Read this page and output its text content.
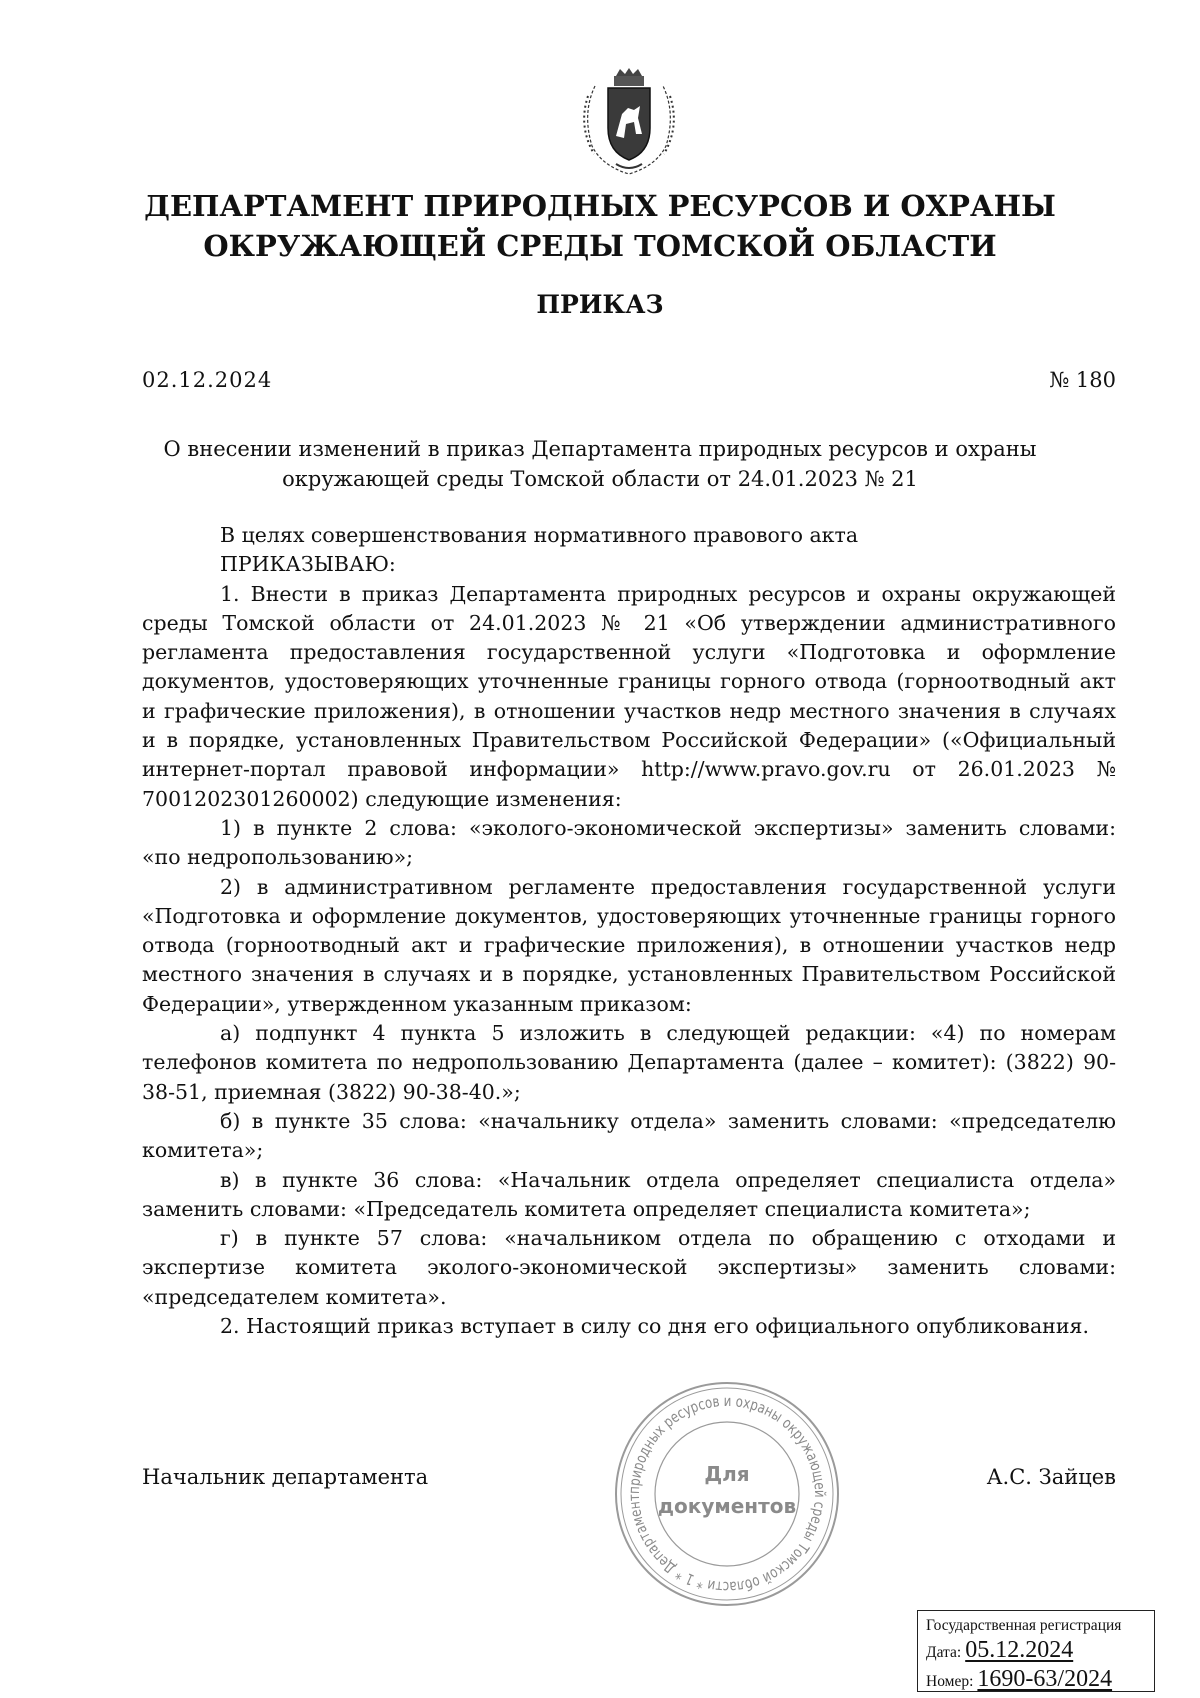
ДЕПАРТАМЕНТ ПРИРОДНЫХ РЕСУРСОВ И ОХРАНЫ
ОКРУЖАЮЩЕЙ СРЕДЫ ТОМСКОЙ ОБЛАСТИ
ПРИКАЗ
02.12.2024	№ 180
О внесении изменений в приказ Департамента природных ресурсов и охраны
окружающей среды Томской области от 24.01.2023 № 21

В целях совершенствования нормативного правового акта

ПРИКАЗЫВАЮ:

1. Внести в приказ Департамента природных ресурсов и охраны окружающей среды Томской области от 24.01.2023 № 21 «Об утверждении административного регламента предоставления государственной услуги «Подготовка и оформление документов, удостоверяющих уточненные границы горного отвода (горноотводный акт и графические приложения), в отношении участков недр местного значения в случаях и в порядке, установленных Правительством Российской Федерации» («Официальный интернет-портал правовой информации» http://www.pravo.gov.ru от 26.01.2023 № 7001202301260002) следующие изменения:

1) в пункте 2 слова: «эколого-экономической экспертизы» заменить словами: «по недропользованию»;

2) в административном регламенте предоставления государственной услуги «Подготовка и оформление документов, удостоверяющих уточненные границы горного отвода (горноотводный акт и графические приложения), в отношении участков недр местного значения в случаях и в порядке, установленных Правительством Российской Федерации», утвержденном указанным приказом:

а) подпункт 4 пункта 5 изложить в следующей редакции: «4) по номерам телефонов комитета по недропользованию Департамента (далее – комитет): (3822) 90-38-51, приемная (3822) 90-38-40.»;

б) в пункте 35 слова: «начальнику отдела» заменить словами: «председателю комитета»;

в) в пункте 36 слова: «Начальник отдела определяет специалиста отдела» заменить словами: «Председатель комитета определяет специалиста комитета»;

г) в пункте 57 слова: «начальником отдела по обращению с отходами и экспертизе комитета эколого-экономической экспертизы» заменить словами: «председателем комитета».

2. Настоящий приказ вступает в силу со дня его официального опубликования.

Начальник департамента	А.С. Зайцев
природных ресурсов и охраны окружающей среды Томской области * 1 * Департамент
Для
документов
Государственная регистрация
Дата: 05.12.2024
Номер: 1690-63/2024
